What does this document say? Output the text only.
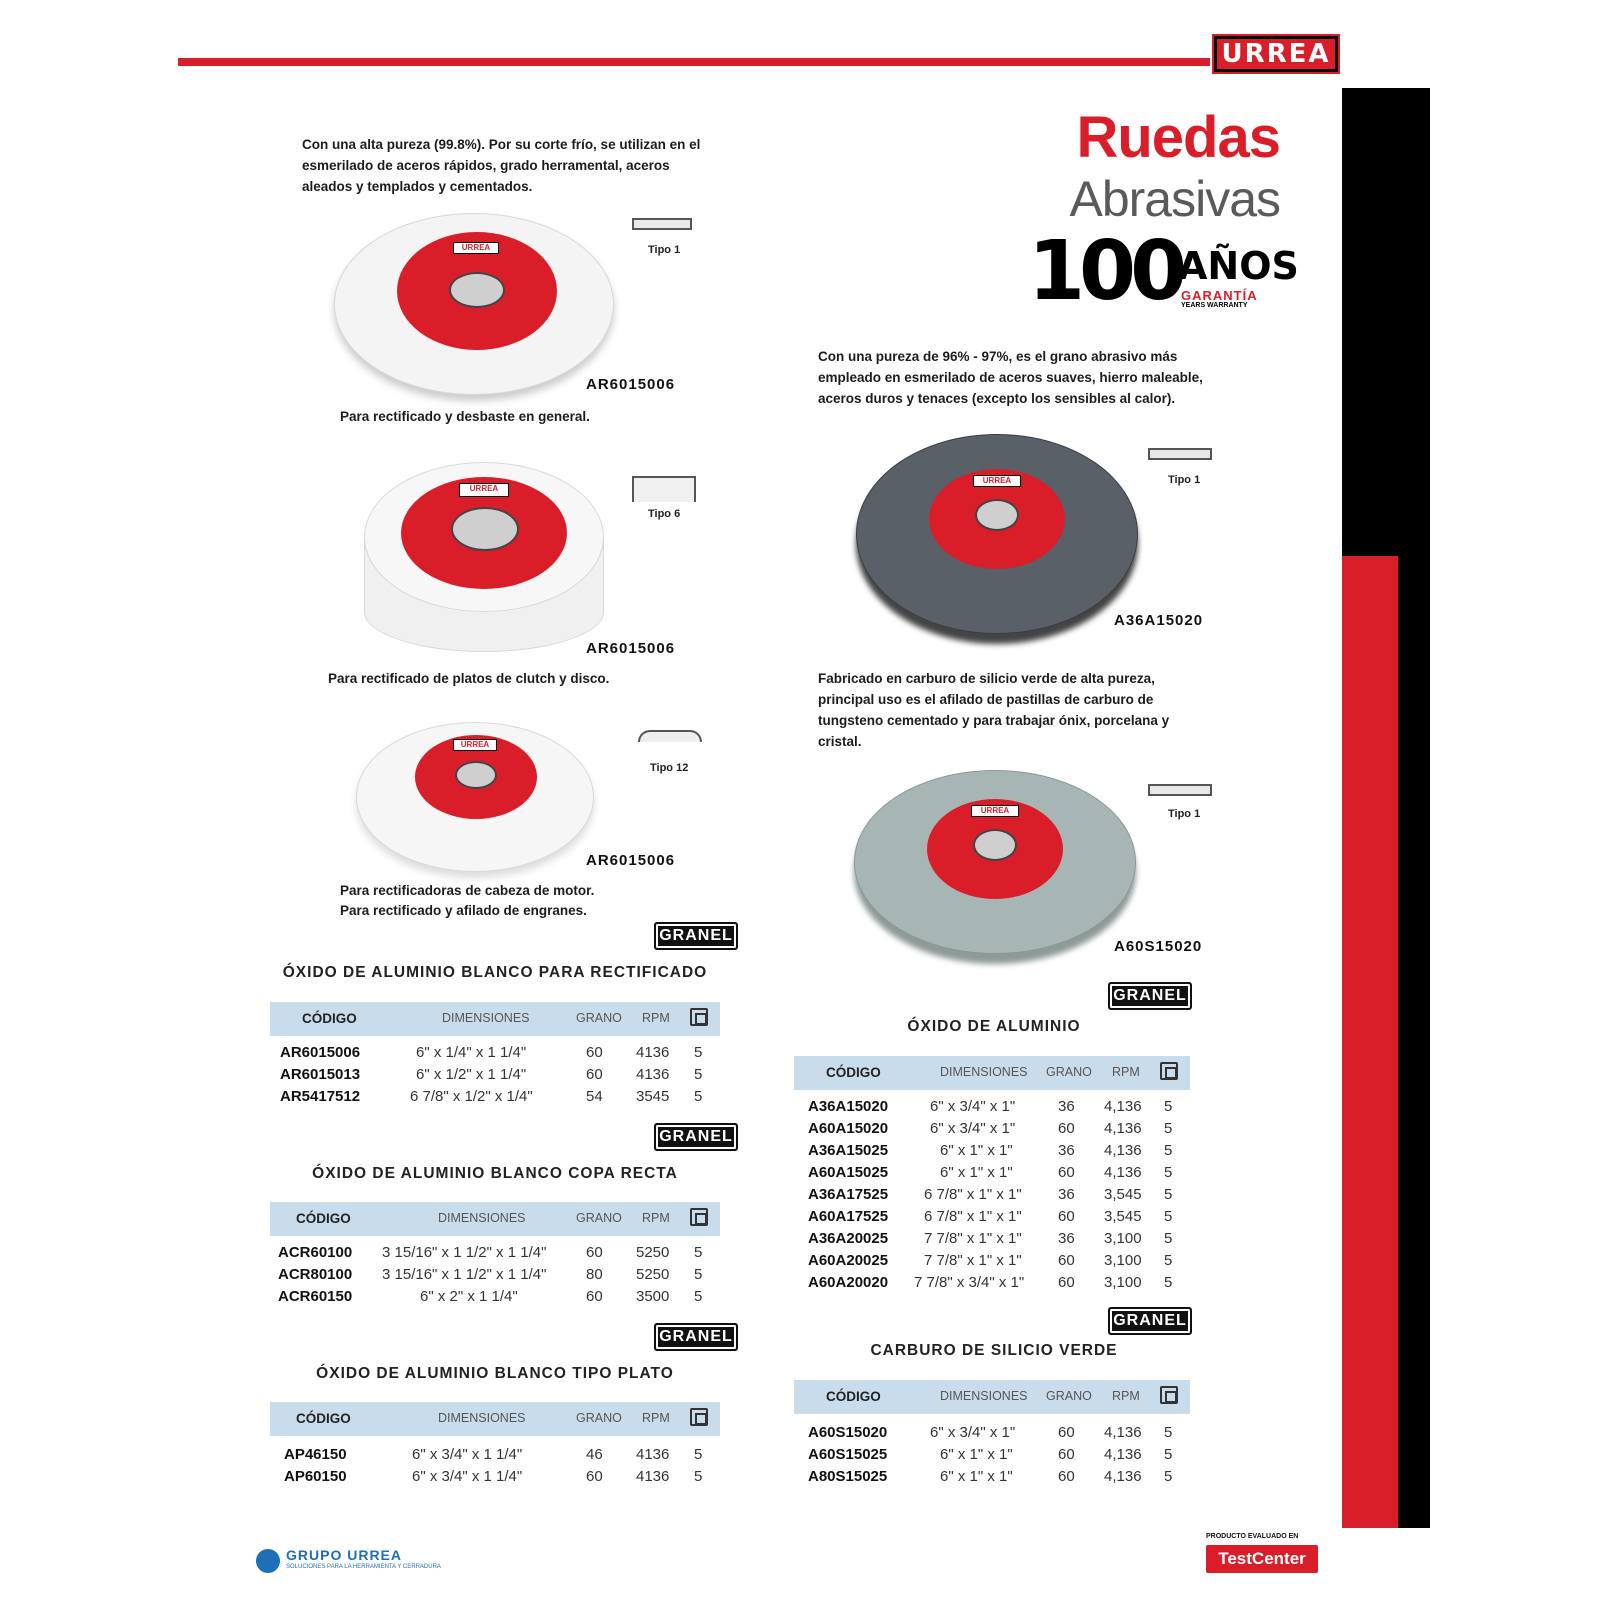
URREA
Ruedas
Abrasivas
100
AÑOS
GARANTÍA
YEARS WARRANTY
Con una alta pureza (99.8%). Por su corte frío, se utilizan en el esmerilado de aceros rápidos, grado herramental, aceros aleados y templados y cementados.
URREA	Tipo 1
AR6015006
Para rectificado y desbaste en general.
URREA
Tipo 6
AR6015006
Para rectificado de platos de clutch y disco.
URREA
Tipo 12
AR6015006
Para rectificadoras de cabeza de motor.
Para rectificado y afilado de engranes.
GRANEL
ÓXIDO DE ALUMINIO BLANCO PARA RECTIFICADO
CÓDIGO	DIMENSIONES	GRANO RPM
AR6015006	6" x 1/4" x 1 1/4"	60 4136 5
AR6015013	6" x 1/2" x 1 1/4"	60 4136 5
AR5417512	6 7/8" x 1/2" x 1/4"	54 3545 5
GRANEL
ÓXIDO DE ALUMINIO BLANCO COPA RECTA
CÓDIGO	DIMENSIONES	GRANO RPM
ACR60100 3 15/16" x 1 1/2" x 1 1/4"	60 5250 5
ACR80100 3 15/16" x 1 1/2" x 1 1/4"	80 5250 5
ACR60150	6" x 2" x 1 1/4"	60 3500 5
GRANEL
ÓXIDO DE ALUMINIO BLANCO TIPO PLATO
CÓDIGO	DIMENSIONES	GRANO RPM
AP46150	6" x 3/4" x 1 1/4"	46 4136 5
AP60150	6" x 3/4" x 1 1/4"	60 4136 5
Con una pureza de 96% - 97%, es el grano abrasivo más empleado en esmerilado de aceros suaves, hierro maleable, aceros duros y tenaces (excepto los sensibles al calor).
URREA	Tipo 1
A36A15020
Fabricado en carburo de silicio verde de alta pureza, principal uso es el afilado de pastillas de carburo de tungsteno cementado y para trabajar ónix, porcelana y cristal.
URREA	Tipo 1
A60S15020
GRANEL
ÓXIDO DE ALUMINIO
CÓDIGO	DIMENSIONES GRANO RPM
A36A15020	6" x 3/4" x 1"	36 4,136 5
A60A15020	6" x 3/4" x 1"	60 4,136 5
A36A15025	6" x 1" x 1"	36 4,136 5
A60A15025	6" x 1" x 1"	60 4,136 5
A36A17525 6 7/8" x 1" x 1" 36 3,545 5
A60A17525 6 7/8" x 1" x 1" 60 3,545 5
A36A20025 7 7/8" x 1" x 1" 36 3,100 5
A60A20025 7 7/8" x 1" x 1" 60 3,100 5
A60A20020 7 7/8" x 3/4" x 1" 60 3,100 5
GRANEL
CARBURO DE SILICIO VERDE
CÓDIGO	DIMENSIONES GRANO RPM
A60S15020	6" x 3/4" x 1"	60 4,136 5
A60S15025	6" x 1" x 1"	60 4,136 5
A80S15025	6" x 1" x 1"	60 4,136 5
GRUPO URREA
SOLUCIONES PARA LA HERRAMIENTA Y CERRADURA
PRODUCTO EVALUADO EN
TestCenter
